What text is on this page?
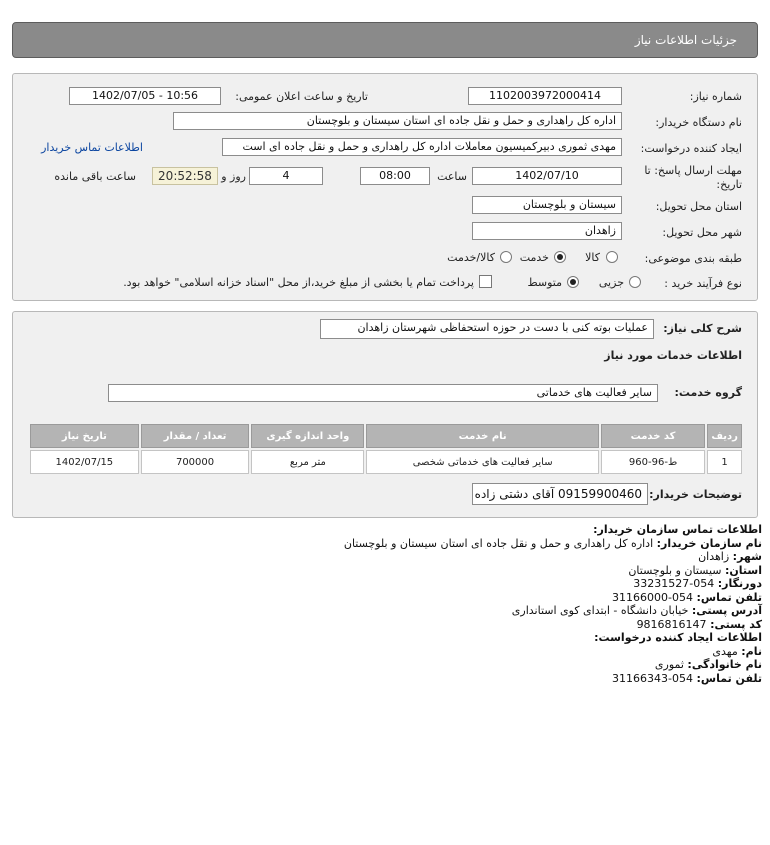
جزئیات اطلاعات نیاز
شماره نیاز:
1102003972000414
تاریخ و ساعت اعلان عمومی:
1402/07/05 - 10:56
نام دستگاه خریدار:
اداره کل راهداری و حمل و نقل جاده ای استان سیستان و بلوچستان
ایجاد کننده درخواست:
مهدی ثموری دبیرکمیسیون معاملات اداره کل راهداری و حمل و نقل جاده ای است
اطلاعات تماس خریدار
مهلت ارسال پاسخ: تا
تاریخ:
1402/07/10
ساعت
08:00
4
روز و
20:52:58
ساعت باقی مانده
استان محل تحویل:
سیستان و بلوچستان
شهر محل تحویل:
زاهدان
طبقه بندی موضوعی:
کالا
خدمت
کالا/خدمت
نوع فرآیند خرید :
جزیی
متوسط
پرداخت تمام یا بخشی از مبلغ خرید،از محل "اسناد خزانه اسلامی" خواهد بود.
شرح کلی نیاز:
عملیات بوته کنی با دست در حوزه استحفاظی شهرستان زاهدان
اطلاعات خدمات مورد نیاز
گروه خدمت:
سایر فعالیت های خدماتی
ردیف	کد خدمت	نام خدمت	واحد اندازه گیری	تعداد / مقدار	تاریخ نیاز
1	ط-96-960	سایر فعالیت های خدماتی شخصی	متر مربع	700000	1402/07/15
توضیحات خریدار:
09159900460 آقای دشتی زاده
اطلاعات تماس سازمان خریدار:
نام سازمان خریدار: اداره کل راهداری و حمل و نقل جاده ای استان سیستان و بلوچستان
شهر: زاهدان
استان: سیستان و بلوچستان
دورنگار: 054-33231527
تلفن تماس: 054-31166000
آدرس پستی: خیابان دانشگاه - ابتدای کوی استانداری
کد پستی: 9816816147
اطلاعات ایجاد کننده درخواست:
نام: مهدی
نام خانوادگی: ثموری
تلفن تماس: 054-31166343
